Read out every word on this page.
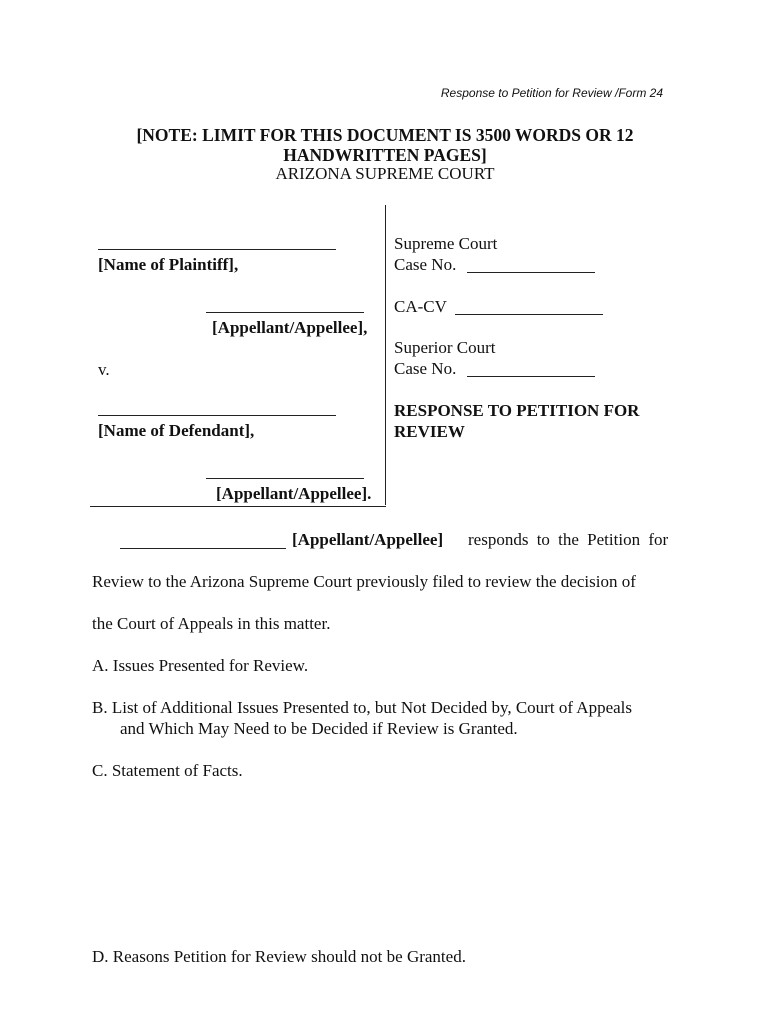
Response to Petition for Review /Form 24
[NOTE: LIMIT FOR THIS DOCUMENT IS 3500 WORDS OR 12
HANDWRITTEN PAGES]
ARIZONA SUPREME COURT
[Name of Plaintiff],
[Appellant/Appellee],
v.
[Name of Defendant],
[Appellant/Appellee].
Supreme Court
Case No.
CA-CV
Superior Court
Case No.
RESPONSE TO PETITION FOR
REVIEW
[Appellant/Appellee] responds to the Petition for
Review to the Arizona Supreme Court previously filed to review the decision of
the Court of Appeals in this matter.
A. Issues Presented for Review.
B. List of Additional Issues Presented to, but Not Decided by, Court of Appeals
and Which May Need to be Decided if Review is Granted.
C. Statement of Facts.
D. Reasons Petition for Review should not be Granted.
